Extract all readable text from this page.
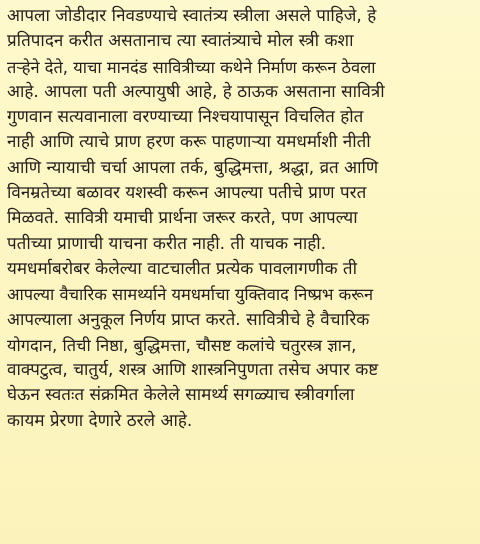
आपला जोडीदार निवडण्याचे स्वातंत्र्य स्त्रीला असले पाहिजे, हे
प्रतिपादन करीत असतानाच त्या स्वातंत्र्याचे मोल स्त्री कशा
तऱ्हेने देते, याचा मानदंड सावित्रीच्या कथेने निर्माण करून ठेवला
आहे. आपला पती अल्पायुषी आहे, हे ठाऊक असताना सावित्री
गुणवान सत्यवानाला वरण्याच्या निश्चयापासून विचलित होत
नाही आणि त्याचे प्राण हरण करू पाहणाऱ्या यमधर्माशी नीती
आणि न्यायाची चर्चा आपला तर्क, बुद्धिमत्ता, श्रद्धा, व्रत आणि
विनम्रतेच्या बळावर यशस्वी करून आपल्या पतीचे प्राण परत
मिळवते. सावित्री यमाची प्रार्थना जरूर करते, पण आपल्या
पतीच्या प्राणाची याचना करीत नाही. ती याचक नाही.
यमधर्माबरोबर केलेल्या वाटचालीत प्रत्येक पावलागणीक ती
आपल्या वैचारिक सामर्थ्याने यमधर्माचा युक्तिवाद निष्प्रभ करून
आपल्याला अनुकूल निर्णय प्राप्त करते. सावित्रीचे हे वैचारिक
योगदान, तिची निष्ठा, बुद्धिमत्ता, चौसष्ट कलांचे चतुरस्त्र ज्ञान,
वाक्पटुत्व, चातुर्य, शस्त्र आणि शास्त्रनिपुणता तसेच अपार कष्ट
घेऊन स्वतःत संक्रमित केलेले सामर्थ्य सगळ्याच स्त्रीवर्गाला
कायम प्रेरणा देणारे ठरले आहे.
